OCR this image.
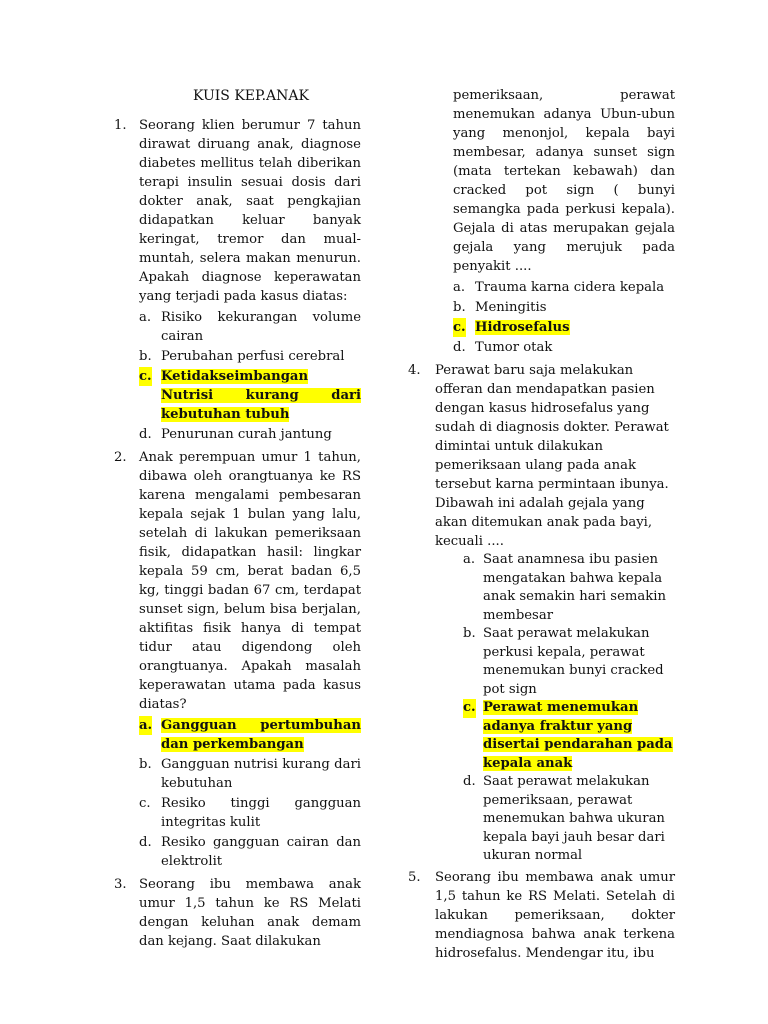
KUIS KEP.ANAK
1. Seorang klien berumur 7 tahun dirawat diruang anak, diagnose diabetes mellitus telah diberikan terapi insulin sesuai dosis dari dokter anak, saat pengkajian didapatkan keluar banyak keringat, tremor dan mual-muntah, selera makan menurun. Apakah diagnose keperawatan yang terjadi pada kasus diatas:
a. Risiko kekurangan volume cairan
b. Perubahan perfusi cerebral
c. Ketidakseimbangan Nutrisi kurang dari kebutuhan tubuh
d. Penurunan curah jantung
2. Anak perempuan umur 1 tahun, dibawa oleh orangtuanya ke RS karena mengalami pembesaran kepala sejak 1 bulan yang lalu, setelah di lakukan pemeriksaan fisik, didapatkan hasil: lingkar kepala 59 cm, berat badan 6,5 kg, tinggi badan 67 cm, terdapat sunset sign, belum bisa berjalan, aktifitas fisik hanya di tempat tidur atau digendong oleh orangtuanya. Apakah masalah keperawatan utama pada kasus diatas?
a. Gangguan pertumbuhan dan perkembangan
b. Gangguan nutrisi kurang dari kebutuhan
c. Resiko tinggi gangguan integritas kulit
d. Resiko gangguan cairan dan elektrolit
3. Seorang ibu membawa anak umur 1,5 tahun ke RS Melati dengan keluhan anak demam dan kejang. Saat dilakukan
pemeriksaan, perawat menemukan adanya Ubun-ubun yang menonjol, kepala bayi membesar, adanya sunset sign (mata tertekan kebawah) dan cracked pot sign ( bunyi semangka pada perkusi kepala). Gejala di atas merupakan gejala gejala yang merujuk pada penyakit ....
a. Trauma karna cidera kepala
b. Meningitis
c. Hidrosefalus
d. Tumor otak
4. Perawat baru saja melakukan offeran dan mendapatkan pasien dengan kasus hidrosefalus yang sudah di diagnosis dokter. Perawat dimintai untuk dilakukan pemeriksaan ulang pada anak tersebut karna permintaan ibunya. Dibawah ini adalah gejala yang akan ditemukan anak pada bayi,
kecuali ....
a. Saat anamnesa ibu pasien mengatakan bahwa kepala anak semakin hari semakin membesar
b. Saat perawat melakukan perkusi kepala, perawat menemukan bunyi cracked pot sign
c. Perawat menemukan adanya fraktur yang disertai pendarahan pada kepala anak
d. Saat perawat melakukan pemeriksaan, perawat menemukan bahwa ukuran kepala bayi jauh besar dari ukuran normal
5. Seorang ibu membawa anak umur 1,5 tahun ke RS Melati. Setelah di lakukan pemeriksaan, dokter mendiagnosa bahwa anak terkena hidrosefalus. Mendengar itu, ibu
